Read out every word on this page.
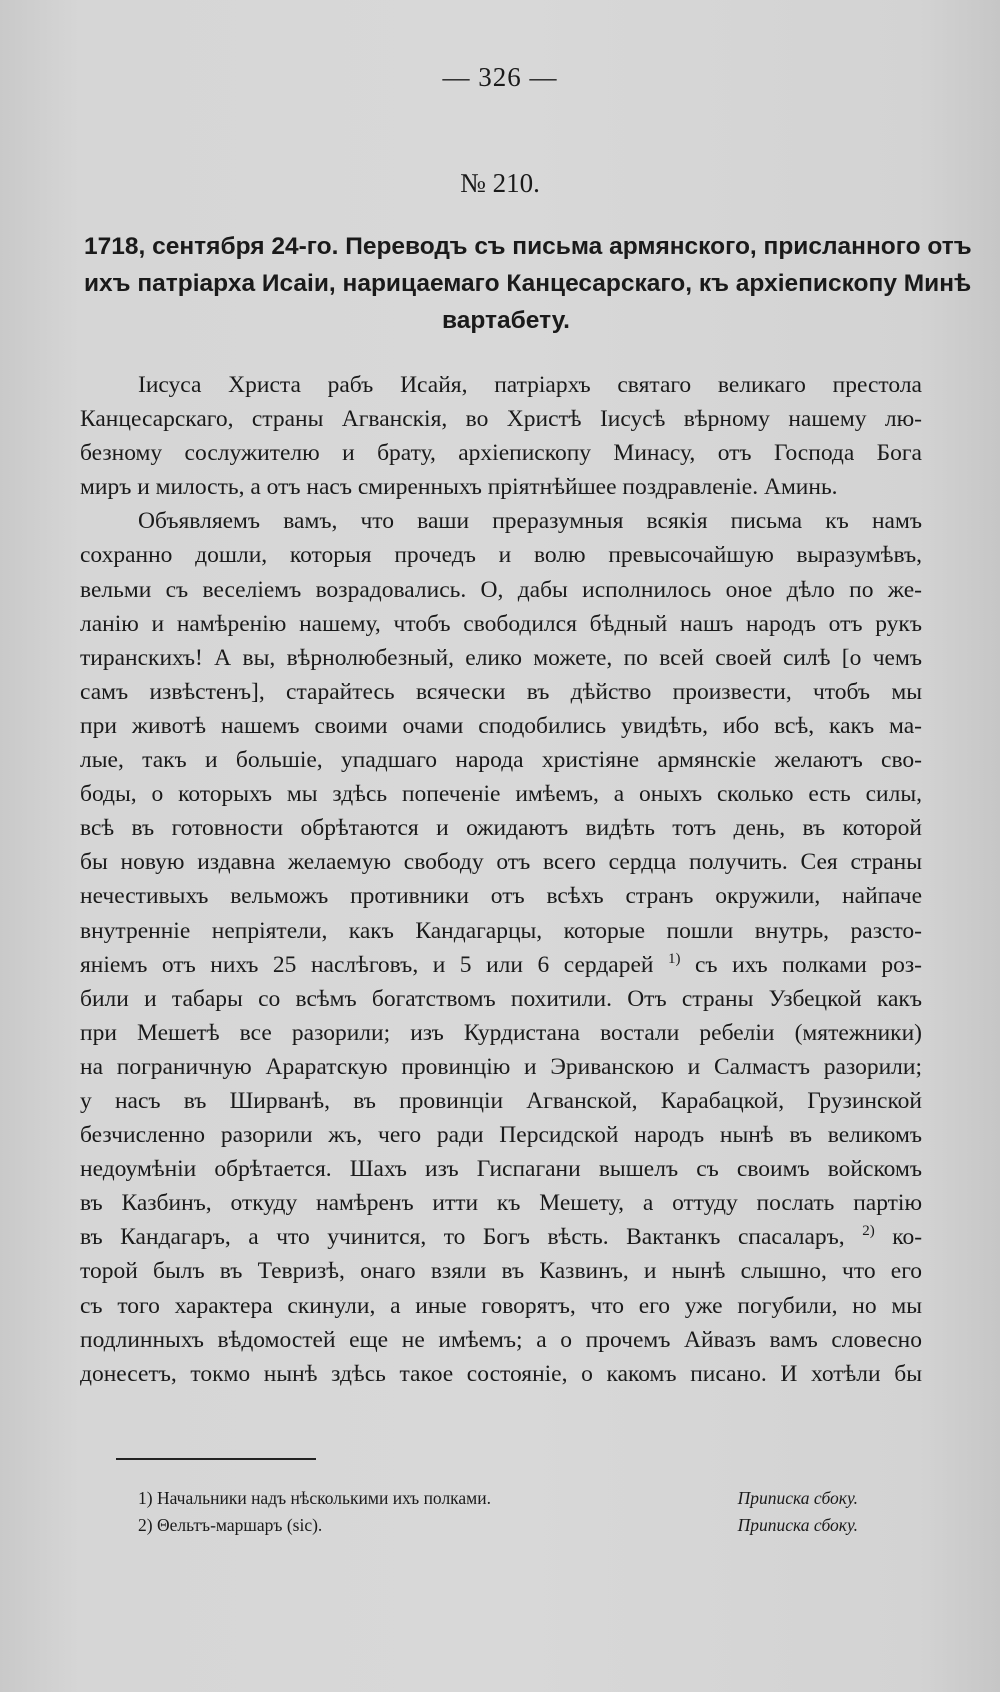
— 326 —
№ 210.
1718, сентября 24-го. Переводъ съ письма армянского, присланного отъ
ихъ патріарха Исаіи, нарицаемаго Канцесарскаго, къ архіепископу Минѣ
вартабету.
Іисуса Христа рабъ Исайя, патріархъ святаго великаго престола
Канцесарскаго, страны Агванскія, во Христѣ Іисусѣ вѣрному нашему лю-
безному сослужителю и брату, архіепископу Минасу, отъ Господа Бога
миръ и милость, а отъ насъ смиренныхъ пріятнѣйшее поздравленіе. Аминь.
Объявляемъ вамъ, что ваши преразумныя всякія письма къ намъ
сохранно дошли, которыя прочедъ и волю превысочайшую выразумѣвъ,
вельми съ веселіемъ возрадовались. О, дабы исполнилось оное дѣло по же-
ланію и намѣренію нашему, чтобъ свободился бѣдный нашъ народъ отъ рукъ
тиранскихъ! А вы, вѣрнолюбезный, елико можете, по всей своей силѣ [о чемъ
самъ извѣстенъ], старайтесь всячески въ дѣйство произвести, чтобъ мы
при животѣ нашемъ своими очами сподобились увидѣть, ибо всѣ, какъ ма-
лые, такъ и большіе, упадшаго народа христіяне армянскіе желаютъ сво-
боды, о которыхъ мы здѣсь попеченіе имѣемъ, а оныхъ сколько есть силы,
всѣ въ готовности обрѣтаются и ожидаютъ видѣть тотъ день, въ которой
бы новую издавна желаемую свободу отъ всего сердца получить. Сея страны
нечестивыхъ вельможъ противники отъ всѣхъ странъ окружили, найпаче
внутренніе непріятели, какъ Кандагарцы, которые пошли внутрь, разсто-
яніемъ отъ нихъ 25 наслѣговъ, и 5 или 6 сердарей $^{1)}$ съ ихъ полками роз-
били и табары со всѣмъ богатствомъ похитили. Отъ страны Узбецкой какъ
при Мешетѣ все разорили; изъ Курдистана востали ребеліи (мятежники)
на пограничную Араратскую провинцію и Эриванскою и Салмастъ разорили;
у насъ въ Ширванѣ, въ провинціи Агванской, Карабацкой, Грузинской
безчисленно разорили жъ, чего ради Персидской народъ нынѣ въ великомъ
недоумѣніи обрѣтается. Шахъ изъ Гиспагани вышелъ съ своимъ войскомъ
въ Казбинъ, откуду намѣренъ итти къ Мешету, а оттуду послать партію
въ Кандагаръ, а что учинится, то Богъ вѣсть. Вактанкъ спасаларъ, $^{2)}$ ко-
торой былъ въ Тевризѣ, онаго взяли въ Казвинъ, и нынѣ слышно, что его
съ того характера скинули, а иные говорятъ, что его уже погубили, но мы
подлинныхъ вѣдомостей еще не имѣемъ; а о прочемъ Айвазъ вамъ словесно
донесетъ, токмо нынѣ здѣсь такое состояніе, о какомъ писано. И хотѣли бы
1) Начальники надъ нѣсколькими ихъ полками.	Приписка сбоку.
2) Θельтъ-маршаръ (sic).	Приписка сбоку.
